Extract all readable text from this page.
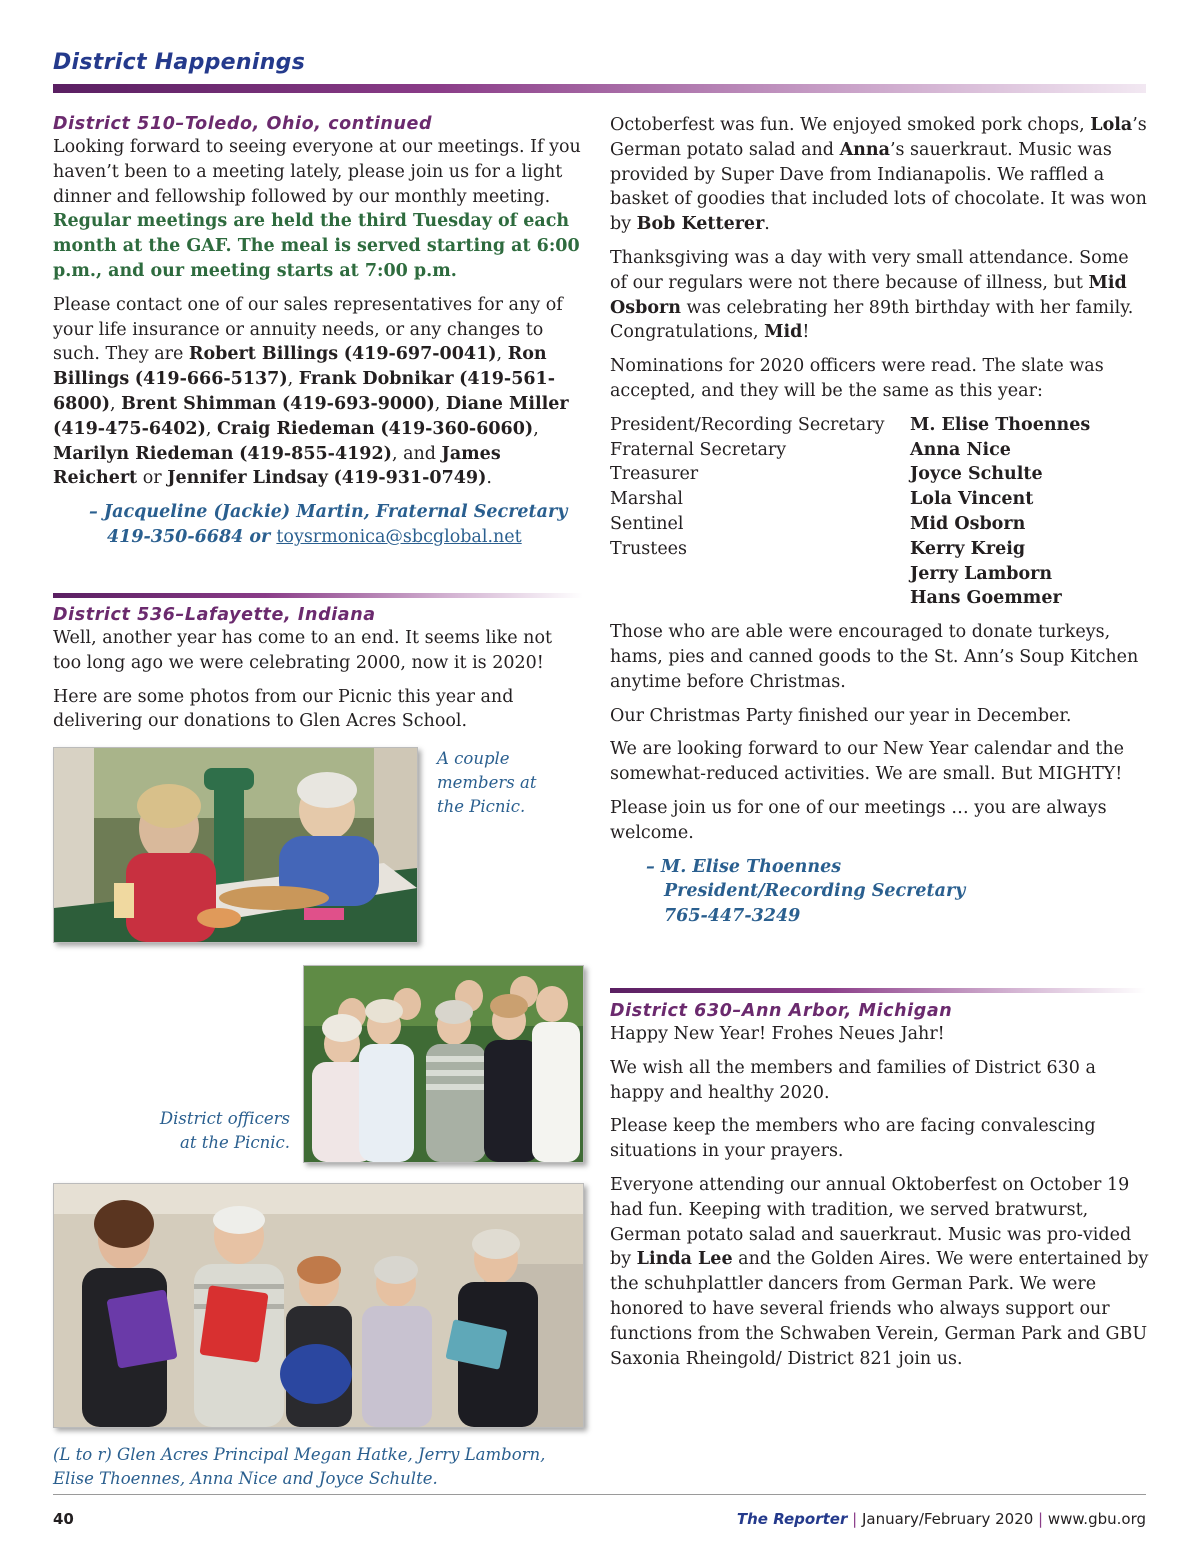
District Happenings
District 510–Toledo, Ohio, continued

Looking forward to seeing everyone at our meetings. If you haven’t been to a meeting lately, please join us for a light dinner and fellowship followed by our monthly meeting. Regular meetings are held the third Tuesday of each month at the GAF. The meal is served starting at 6:00 p.m., and our meeting starts at 7:00 p.m.

Please contact one of our sales representatives for any of your life insurance or annuity needs, or any changes to such. They are Robert Billings (419-697-0041), Ron Billings (419-666-5137), Frank Dobnikar (419-561-6800), Brent Shimman (419-693-9000), Diane Miller (419-475-6402), Craig Riedeman (419-360-6060), Marilyn Riedeman (419-855-4192), and James Reichert or Jennifer Lindsay (419-931-0749).

– Jacqueline (Jackie) Martin, Fraternal Secretary
419-350-6684 or toysrmonica@sbcglobal.net
District 536–Lafayette, Indiana

Well, another year has come to an end. It seems like not too long ago we were celebrating 2000, now it is 2020!

Here are some photos from our Picnic this year and delivering our donations to Glen Acres School.

A couple members at the Picnic.
District officers at the Picnic.
(L to r) Glen Acres Principal Megan Hatke, Jerry Lamborn, Elise Thoennes, Anna Nice and Joyce Schulte.

Octoberfest was fun. We enjoyed smoked pork chops, Lola’s German potato salad and Anna’s sauerkraut. Music was provided by Super Dave from Indianapolis. We raffled a basket of goodies that included lots of chocolate. It was won by Bob Ketterer.

Thanksgiving was a day with very small attendance. Some of our regulars were not there because of illness, but Mid Osborn was celebrating her 89th birthday with her family. Congratulations, Mid!

Nominations for 2020 officers were read. The slate was accepted, and they will be the same as this year:

President/Recording Secretary	M. Elise Thoennes
Fraternal Secretary	Anna Nice
Treasurer	Joyce Schulte
Marshal	Lola Vincent
Sentinel	Mid Osborn
Trustees	Kerry Kreig
	Jerry Lamborn
	Hans Goemmer

Those who are able were encouraged to donate turkeys, hams, pies and canned goods to the St. Ann’s Soup Kitchen anytime before Christmas.

Our Christmas Party finished our year in December.

We are looking forward to our New Year calendar and the somewhat-reduced activities. We are small. But MIGHTY!

Please join us for one of our meetings … you are always welcome.

– M. Elise Thoennes
President/Recording Secretary
765-447-3249
District 630–Ann Arbor, Michigan

Happy New Year! Frohes Neues Jahr!

We wish all the members and families of District 630 a happy and healthy 2020.

Please keep the members who are facing convalescing situations in your prayers.

Everyone attending our annual Oktoberfest on October 19 had fun. Keeping with tradition, we served bratwurst, German potato salad and sauerkraut. Music was pro-vided by Linda Lee and the Golden Aires. We were entertained by the schuhplattler dancers from German Park. We were honored to have several friends who always support our functions from the Schwaben Verein, German Park and GBU Saxonia Rheingold/ District 821 join us.

40	The Reporter | January/February 2020 | www.gbu.org
